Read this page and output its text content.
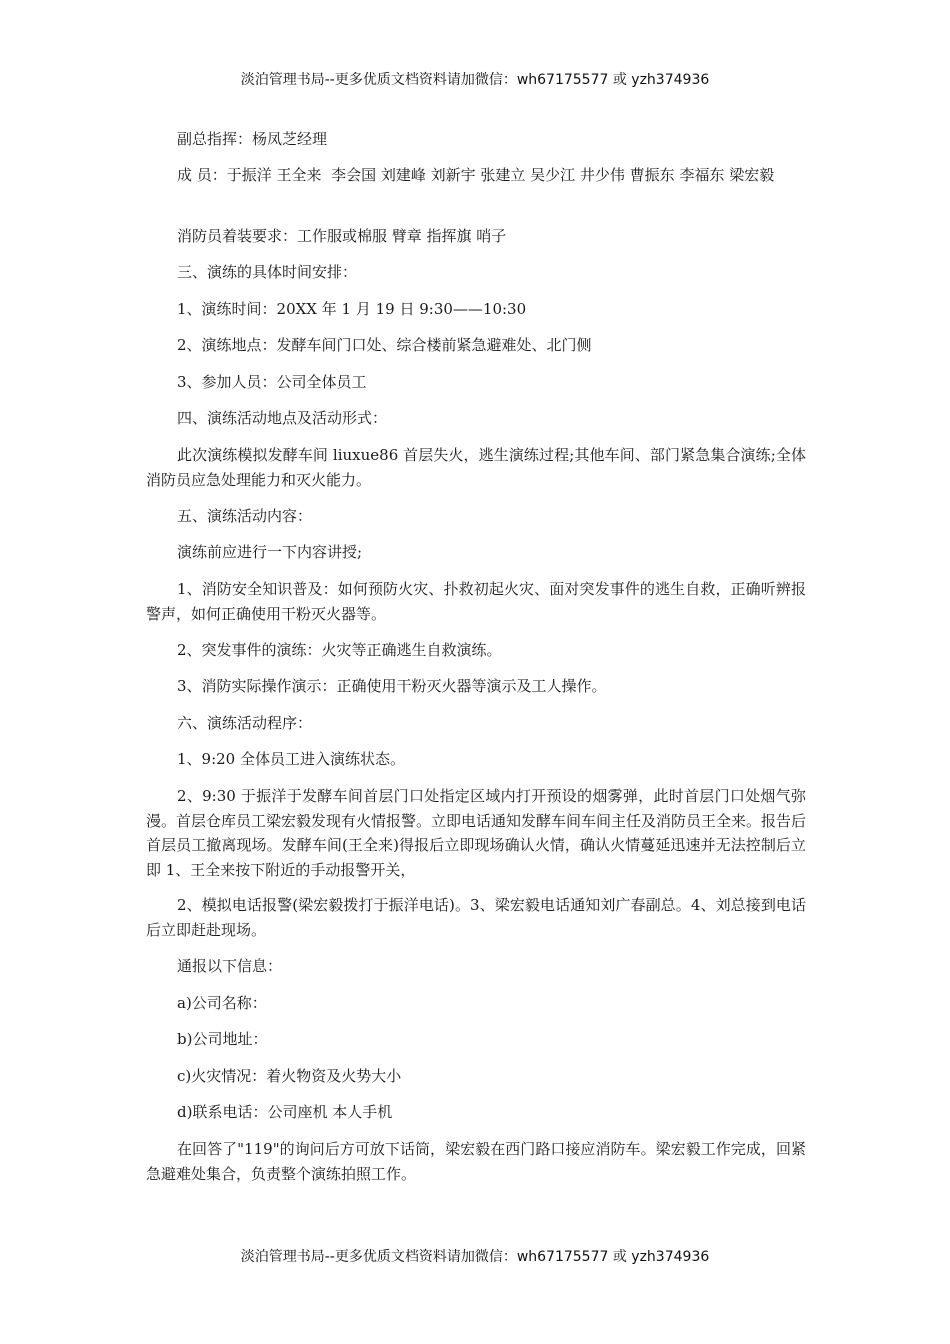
淡泊管理书局--更多优质文档资料请加微信：wh67175577 或 yzh374936

副总指挥：杨凤芝经理

成 员：于振洋 王全来  李会国 刘建峰 刘新宇 张建立 吴少江 井少伟 曹振东 李福东 梁宏毅

消防员着装要求：工作服或棉服 臂章 指挥旗 哨子

三、演练的具体时间安排：

1、演练时间：20XX 年 1 月 19 日 9:30——10:30

2、演练地点：发酵车间门口处、综合楼前紧急避难处、北门侧

3、参加人员：公司全体员工

四、演练活动地点及活动形式：

此次演练模拟发酵车间 liuxue86 首层失火，逃生演练过程;其他车间、部门紧急集合演练;全体消防员应急处理能力和灭火能力。

五、演练活动内容：

演练前应进行一下内容讲授;

1、消防安全知识普及：如何预防火灾、扑救初起火灾、面对突发事件的逃生自救，正确听辨报警声，如何正确使用干粉灭火器等。

2、突发事件的演练：火灾等正确逃生自救演练。

3、消防实际操作演示：正确使用干粉灭火器等演示及工人操作。

六、演练活动程序：

1、9:20 全体员工进入演练状态。

2、9:30 于振洋于发酵车间首层门口处指定区域内打开预设的烟雾弹，此时首层门口处烟气弥漫。首层仓库员工梁宏毅发现有火情报警。立即电话通知发酵车间车间主任及消防员王全来。报告后首层员工撤离现场。发酵车间(王全来)得报后立即现场确认火情，确认火情蔓延迅速并无法控制后立即 1、王全来按下附近的手动报警开关，

2、模拟电话报警(梁宏毅拨打于振洋电话)。3、梁宏毅电话通知刘广春副总。4、刘总接到电话后立即赶赴现场。

通报以下信息：

a)公司名称：

b)公司地址：

c)火灾情况：着火物资及火势大小

d)联系电话：公司座机 本人手机

在回答了"119"的询问后方可放下话筒，梁宏毅在西门路口接应消防车。梁宏毅工作完成，回紧急避难处集合，负责整个演练拍照工作。

淡泊管理书局--更多优质文档资料请加微信：wh67175577 或 yzh374936
